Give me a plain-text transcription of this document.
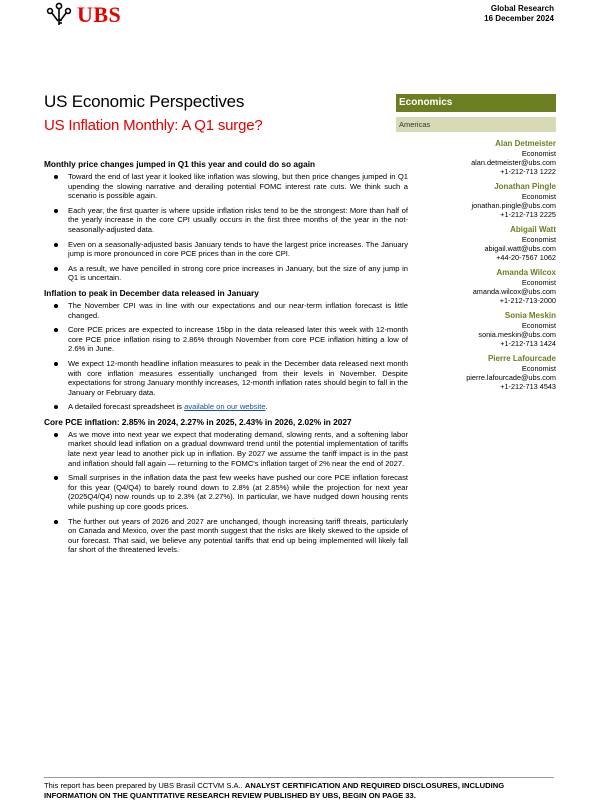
UBS	Global Research
16 December 2024
US Economic Perspectives
US Inflation Monthly: A Q1 surge?
Economics
Americas
Alan Detmeister
Economist
alan.detmeister@ubs.com
+1-212-713 1222
Jonathan Pingle
Economist
jonathan.pingle@ubs.com
+1-212-713 2225
Abigail Watt
Economist
abigail.watt@ubs.com
+44-20-7567 1062
Amanda Wilcox
Economist
amanda.wilcox@ubs.com
+1-212-713-2000
Sonia Meskin
Economist
sonia.meskin@ubs.com
+1-212-713 1424
Pierre Lafourcade
Economist
pierre.lafourcade@ubs.com
+1-212-713 4543
Monthly price changes jumped in Q1 this year and could do so again
Toward the end of last year it looked like inflation was slowing, but then price changes jumped in Q1 upending the slowing narrative and derailing potential FOMC interest rate cuts. We think such a scenario is possible again.
Each year, the first quarter is where upside inflation risks tend to be the strongest: More than half of the yearly increase in the core CPI usually occurs in the first three months of the year in the not-seasonally-adjusted data.
Even on a seasonally-adjusted basis January tends to have the largest price increases. The January jump is more pronounced in core PCE prices than in the core CPI.
As a result, we have pencilled in strong core price increases in January, but the size of any jump in Q1 is uncertain.
Inflation to peak in December data released in January
The November CPI was in line with our expectations and our near-term inflation forecast is little changed.
Core PCE prices are expected to increase 15bp in the data released later this week with 12-month core PCE price inflation rising to 2.86% through November from core PCE inflation hitting a low of 2.6% in June.
We expect 12-month headline inflation measures to peak in the December data released next month with core inflation measures essentially unchanged from their levels in November. Despite expectations for strong January monthly increases, 12-month inflation rates should begin to fall in the January or February data.
A detailed forecast spreadsheet is available on our website.
Core PCE inflation: 2.85% in 2024, 2.27% in 2025, 2.43% in 2026, 2.02% in 2027
As we move into next year we expect that moderating demand, slowing rents, and a softening labor market should lead inflation on a gradual downward trend until the potential implementation of tariffs late next year lead to another pick up in inflation. By 2027 we assume the tariff impact is in the past and inflation should fall again — returning to the FOMC's inflation target of 2% near the end of 2027.
Small surprises in the inflation data the past few weeks have pushed our core PCE inflation forecast for this year (Q4/Q4) to barely round down to 2.8% (at 2.85%) while the projection for next year (2025Q4/Q4) now rounds up to 2.3% (at 2.27%). In particular, we have nudged down housing rents while pushing up core goods prices.
The further out years of 2026 and 2027 are unchanged, though increasing tariff threats, particularly on Canada and Mexico, over the past month suggest that the risks are likely skewed to the upside of our forecast. That said, we believe any potential tariffs that end up being implemented will likely fall far short of the threatened levels.
This report has been prepared by UBS Brasil CCTVM S.A.. ANALYST CERTIFICATION AND REQUIRED DISCLOSURES, INCLUDING INFORMATION ON THE QUANTITATIVE RESEARCH REVIEW PUBLISHED BY UBS, BEGIN ON PAGE 33.
